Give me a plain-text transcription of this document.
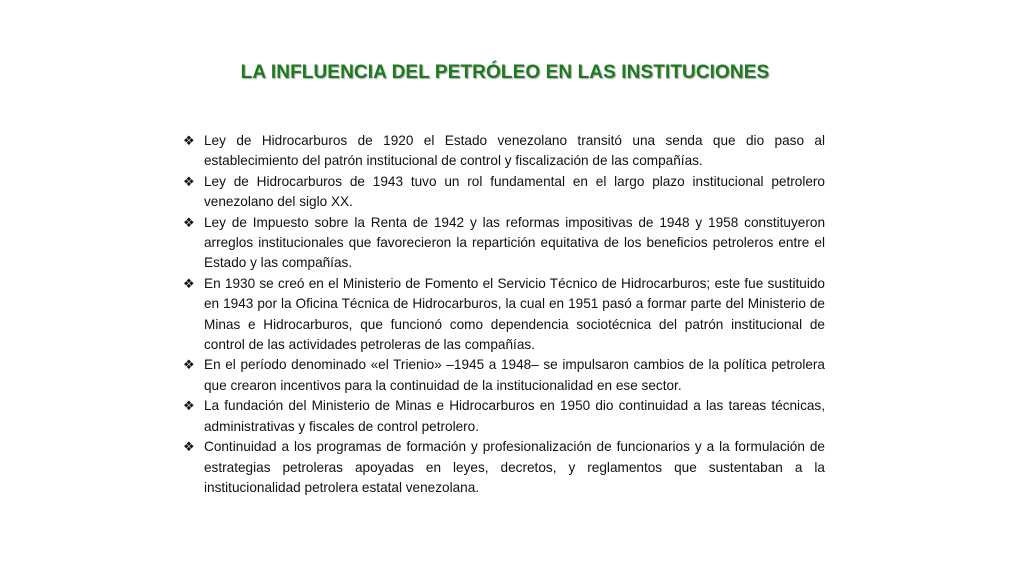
LA INFLUENCIA DEL PETRÓLEO EN LAS INSTITUCIONES
❖ Ley de Hidrocarburos de 1920 el Estado venezolano transitó una senda que dio paso al establecimiento del patrón institucional de control y fiscalización de las compañías.
❖ Ley de Hidrocarburos de 1943 tuvo un rol fundamental en el largo plazo institucional petrolero venezolano del siglo XX.
❖ Ley de Impuesto sobre la Renta de 1942 y las reformas impositivas de 1948 y 1958 constituyeron arreglos institucionales que favorecieron la repartición equitativa de los beneficios petroleros entre el Estado y las compañías.
❖ En 1930 se creó en el Ministerio de Fomento el Servicio Técnico de Hidrocarburos; este fue sustituido en 1943 por la Oficina Técnica de Hidrocarburos, la cual en 1951 pasó a formar parte del Ministerio de Minas e Hidrocarburos, que funcionó como dependencia sociotécnica del patrón institucional de control de las actividades petroleras de las compañías.
❖ En el período denominado «el Trienio» –1945 a 1948– se impulsaron cambios de la política petrolera que crearon incentivos para la continuidad de la institucionalidad en ese sector.
❖ La fundación del Ministerio de Minas e Hidrocarburos en 1950 dio continuidad a las tareas técnicas, administrativas y fiscales de control petrolero.
❖ Continuidad a los programas de formación y profesionalización de funcionarios y a la formulación de estrategias petroleras apoyadas en leyes, decretos, y reglamentos que sustentaban a la institucionalidad petrolera estatal venezolana.
